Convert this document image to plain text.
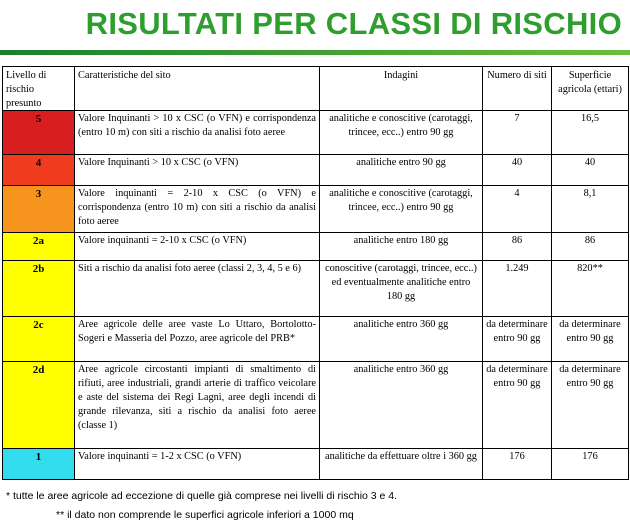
RISULTATI PER CLASSI DI RISCHIO
Livello di rischio presunto	Caratteristiche del sito	Indagini	Numero di siti	Superficie agricola (ettari)
5	Valore Inquinanti > 10 x CSC (o VFN) e corrispondenza (entro 10 m) con siti a rischio da analisi foto aeree	analitiche e conoscitive (carotaggi, trincee, ecc..) entro 90 gg	7	16,5
4	Valore Inquinanti > 10 x CSC (o VFN)	analitiche entro 90 gg	40	40
3	Valore inquinanti = 2-10 x CSC (o VFN) e corrispondenza (entro 10 m) con siti a rischio da analisi foto aeree	analitiche e conoscitive (carotaggi, trincee, ecc..) entro 90 gg	4	8,1
2a	Valore inquinanti = 2-10 x CSC (o VFN)	analitiche entro 180 gg	86	86
2b	Siti a rischio da analisi foto aeree (classi 2, 3, 4, 5 e 6)	conoscitive (carotaggi, trincee, ecc..) ed eventualmente analitiche entro 180 gg	1.249	820**
2c	Aree agricole delle aree vaste Lo Uttaro, Bortolotto-Sogeri e Masseria del Pozzo, aree agricole del PRB*	analitiche entro 360 gg	da determinare entro 90 gg	da determinare entro 90 gg
2d	Aree agricole circostanti impianti di smaltimento di rifiuti, aree industriali, grandi arterie di traffico veicolare e aste del sistema dei Regi Lagni, aree degli incendi di grande rilevanza, siti a rischio da analisi foto aeree (classe 1)	analitiche entro 360 gg	da determinare entro 90 gg	da determinare entro 90 gg
1	Valore inquinanti = 1-2 x CSC (o VFN)	analitiche da effettuare oltre i 360 gg	176	176
* tutte le aree agricole ad eccezione di quelle già comprese nei livelli di rischio 3 e 4.
** il dato non comprende le superfici agricole inferiori a 1000 mq
